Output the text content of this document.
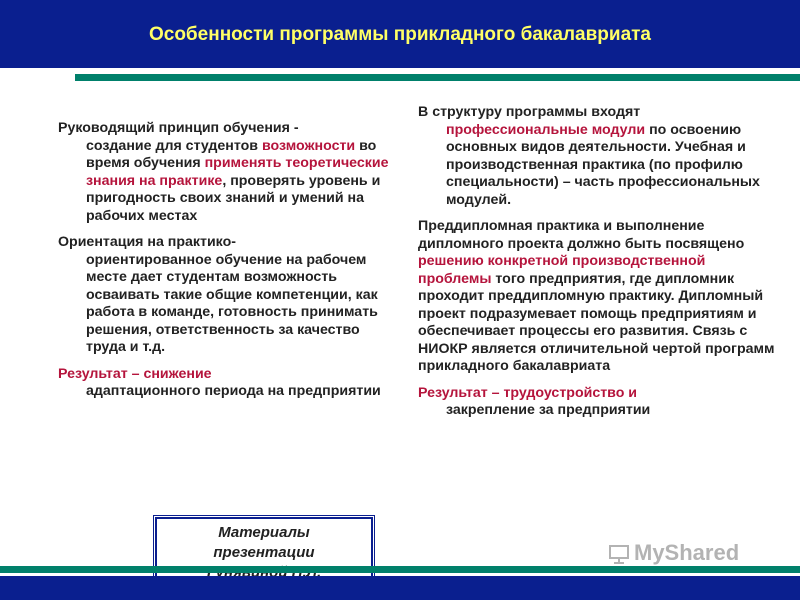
Особенности программы прикладного бакалавриата

Руководящий принцип обучения -
создание для студентов возможности во время обучения применять теоретические знания на практике, проверять уровень и пригодность своих знаний и умений на рабочих местах

Ориентация на практико-
ориентированное обучение на рабочем месте дает студентам возможность осваивать такие общие компетенции, как работа в команде, готовность принимать решения, ответственность за качество труда и т.д.

Результат – снижение
адаптационного периода на предприятии

В структуру программы входят
профессиональные модули по освоению основных видов деятельности. Учебная и производственная практика (по профилю специальности) – часть профессиональных модулей.

Преддипломная практика и выполнение дипломного проекта должно быть посвящено решению конкретной производственной проблемы того предприятия, где дипломник проходит преддипломную практику. Дипломный проект подразумевает помощь предприятиям и обеспечивает процессы его развития. Связь с НИОКР является отличительной чертой программ прикладного бакалавриата

Результат – трудоустройство и
закрепление за предприятии

Материалы
презентации	MyShared
